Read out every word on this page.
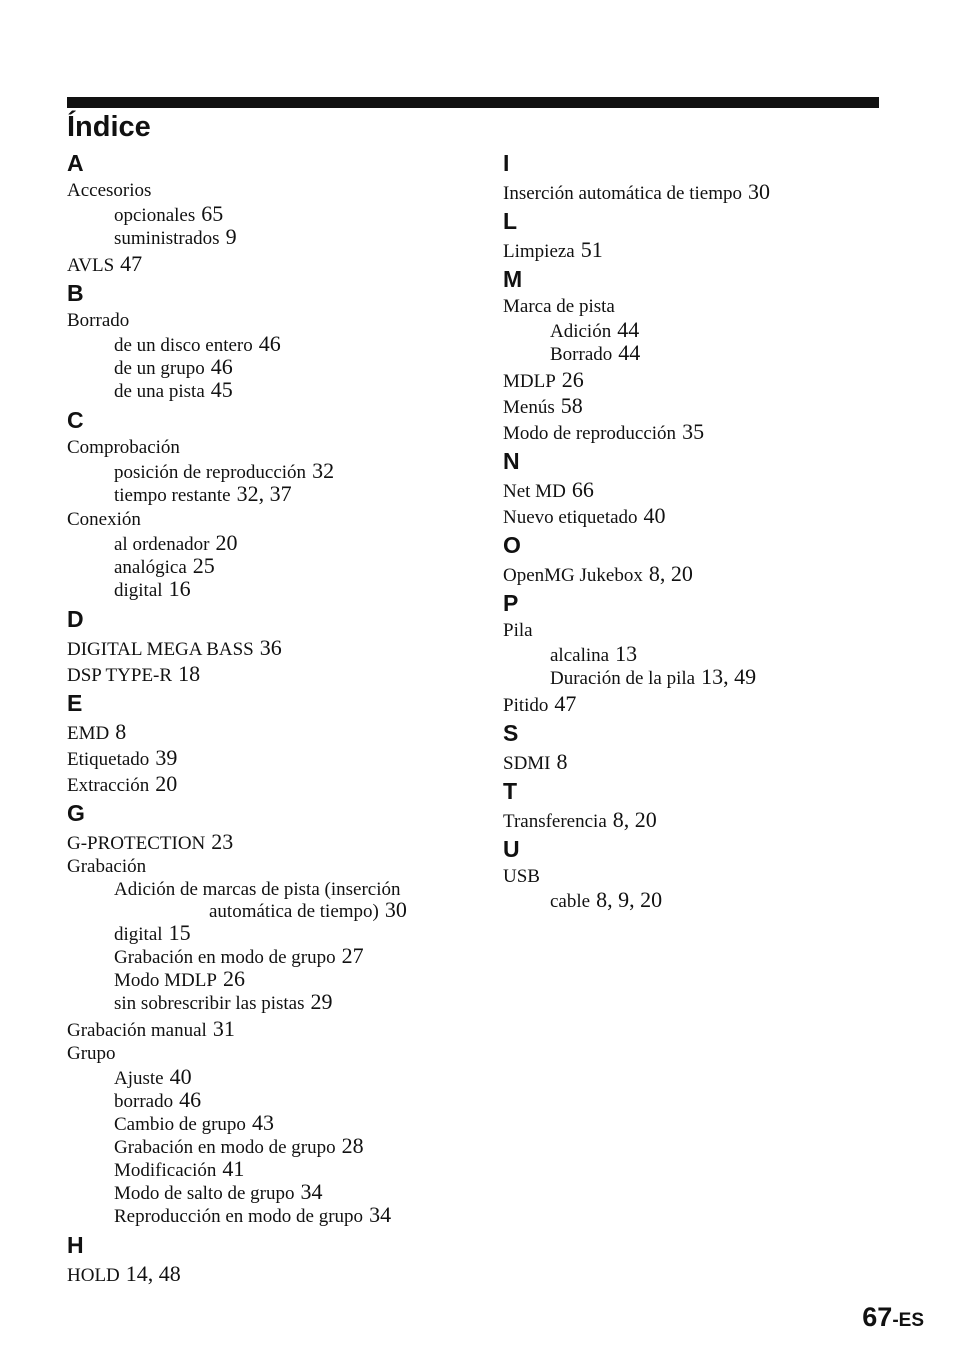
Índice
A
Accesorios
opcionales 65
suministrados 9
AVLS 47
B
Borrado
de un disco entero 46
de un grupo 46
de una pista 45
C
Comprobación
posición de reproducción 32
tiempo restante 32, 37
Conexión
al ordenador 20
analógica 25
digital 16
D
DIGITAL MEGA BASS 36
DSP TYPE-R 18
E
EMD 8
Etiquetado 39
Extracción 20
G
G-PROTECTION 23
Grabación
Adición de marcas de pista (inserción
automática de tiempo) 30
digital 15
Grabación en modo de grupo 27
Modo MDLP 26
sin sobrescribir las pistas 29
Grabación manual 31
Grupo
Ajuste 40
borrado 46
Cambio de grupo 43
Grabación en modo de grupo 28
Modificación 41
Modo de salto de grupo 34
Reproducción en modo de grupo 34
H
HOLD 14, 48
I
Inserción automática de tiempo 30
L
Limpieza 51
M
Marca de pista
Adición 44
Borrado 44
MDLP 26
Menús 58
Modo de reproducción 35
N
Net MD 66
Nuevo etiquetado 40
O
OpenMG Jukebox 8, 20
P
Pila
alcalina 13
Duración de la pila 13, 49
Pitido 47
S
SDMI 8
T
Transferencia 8, 20
U
USB
cable 8, 9, 20
67-ES
